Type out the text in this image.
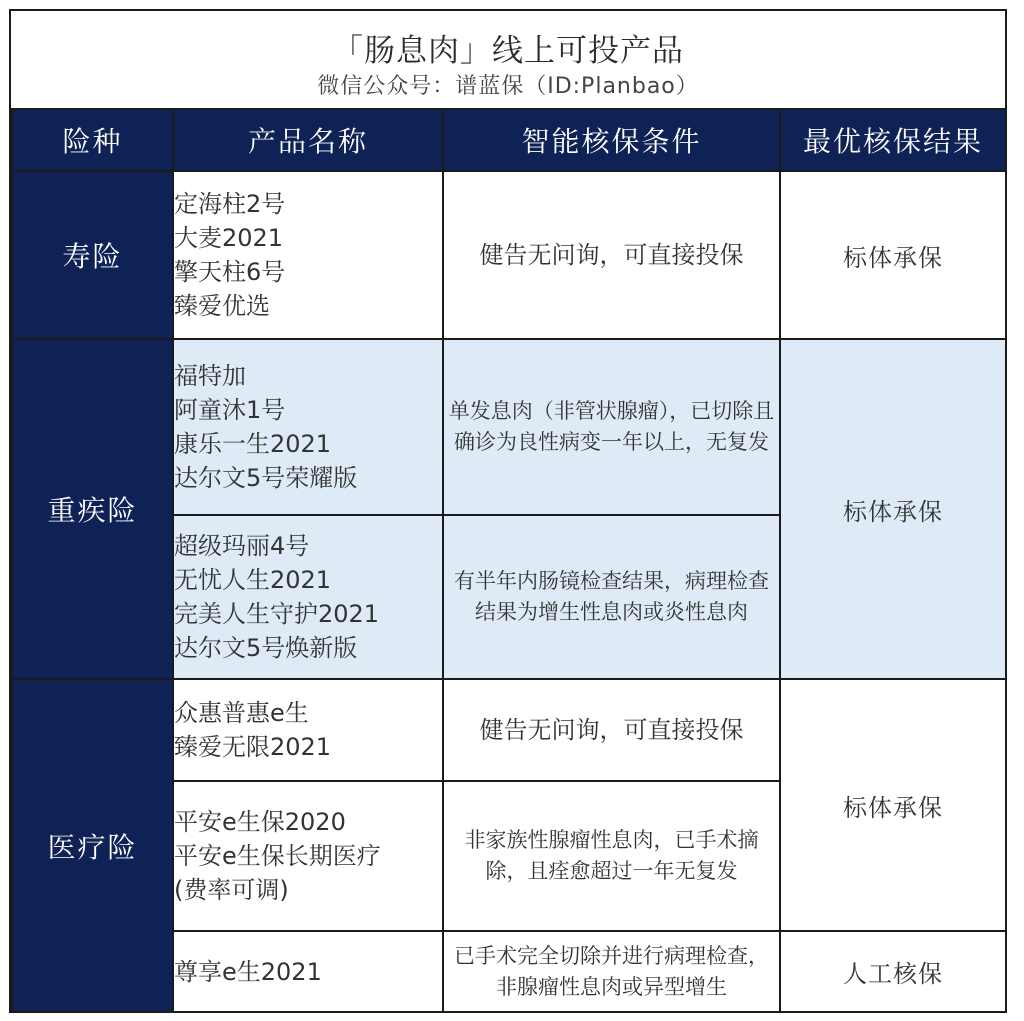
「肠息肉」线上可投产品
微信公众号：谱蓝保（ID:Planbao）
险种	产品名称	智能核保条件	最优核保结果
寿险	定海柱2号
大麦2021
擎天柱6号
臻爱优选	健告无问询，可直接投保	标体承保
重疾险	福特加
阿童沐1号
康乐一生2021
达尔文5号荣耀版	单发息肉（非管状腺瘤），已切除且确诊为良性病变一年以上，无复发	标体承保

	超级玛丽4号
无忧人生2021
完美人生守护2021
达尔文5号焕新版	有半年内肠镜检查结果，病理检查结果为增生性息肉或炎性息肉	
医疗险	众惠普惠e生
臻爱无限2021	健告无问询，可直接投保	标体承保

	平安e生保2020
平安e生保长期医疗
(费率可调)	非家族性腺瘤性息肉，已手术摘除，且痊愈超过一年无复发	

	尊享e生2021	已手术完全切除并进行病理检查，非腺瘤性息肉或异型增生	人工核保
